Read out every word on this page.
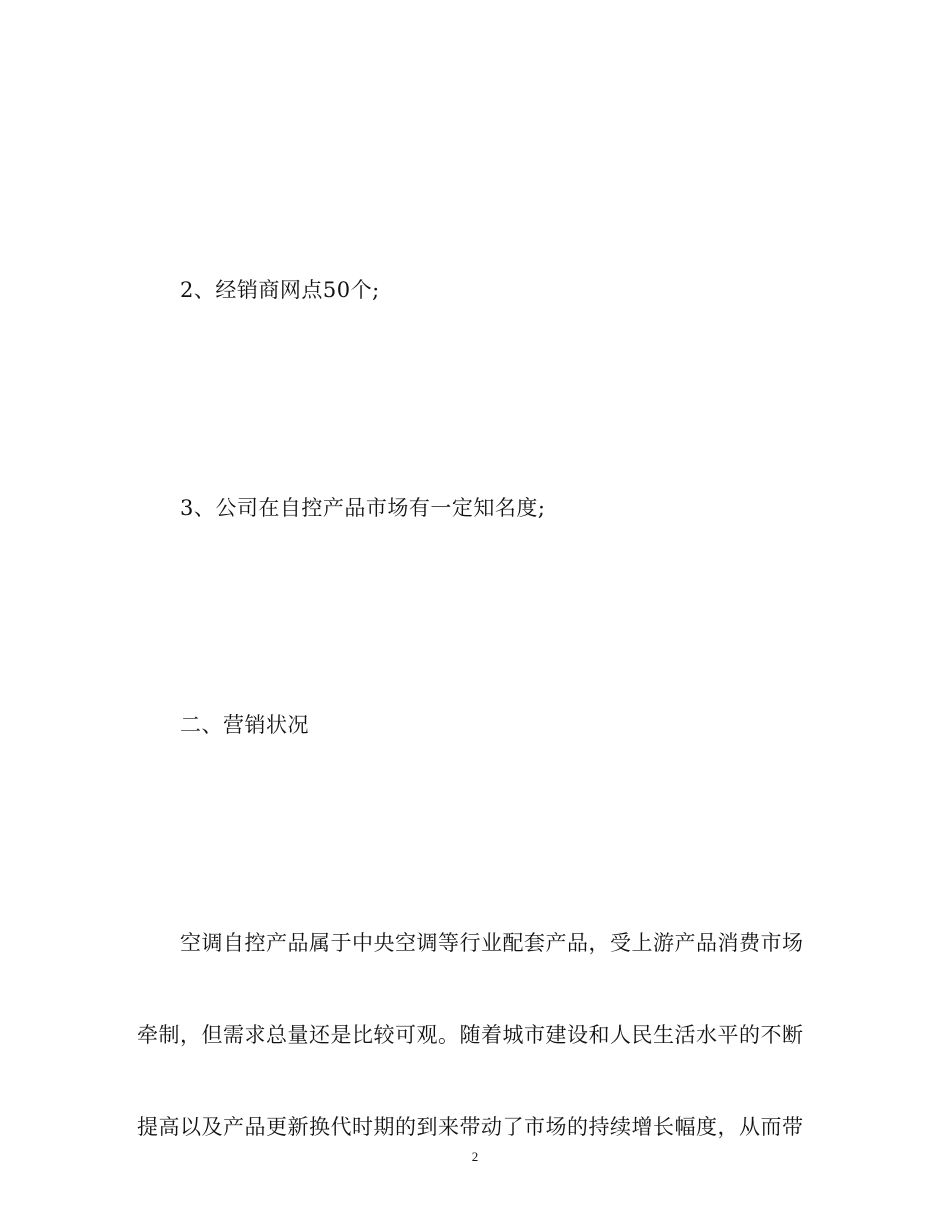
2、经销商网点50个;
3、公司在自控产品市场有一定知名度;
二、营销状况
空调自控产品属于中央空调等行业配套产品，受上游产品消费市场
牵制，但需求总量还是比较可观。随着城市建设和人民生活水平的不断
提高以及产品更新换代时期的到来带动了市场的持续增长幅度，从而带
2
